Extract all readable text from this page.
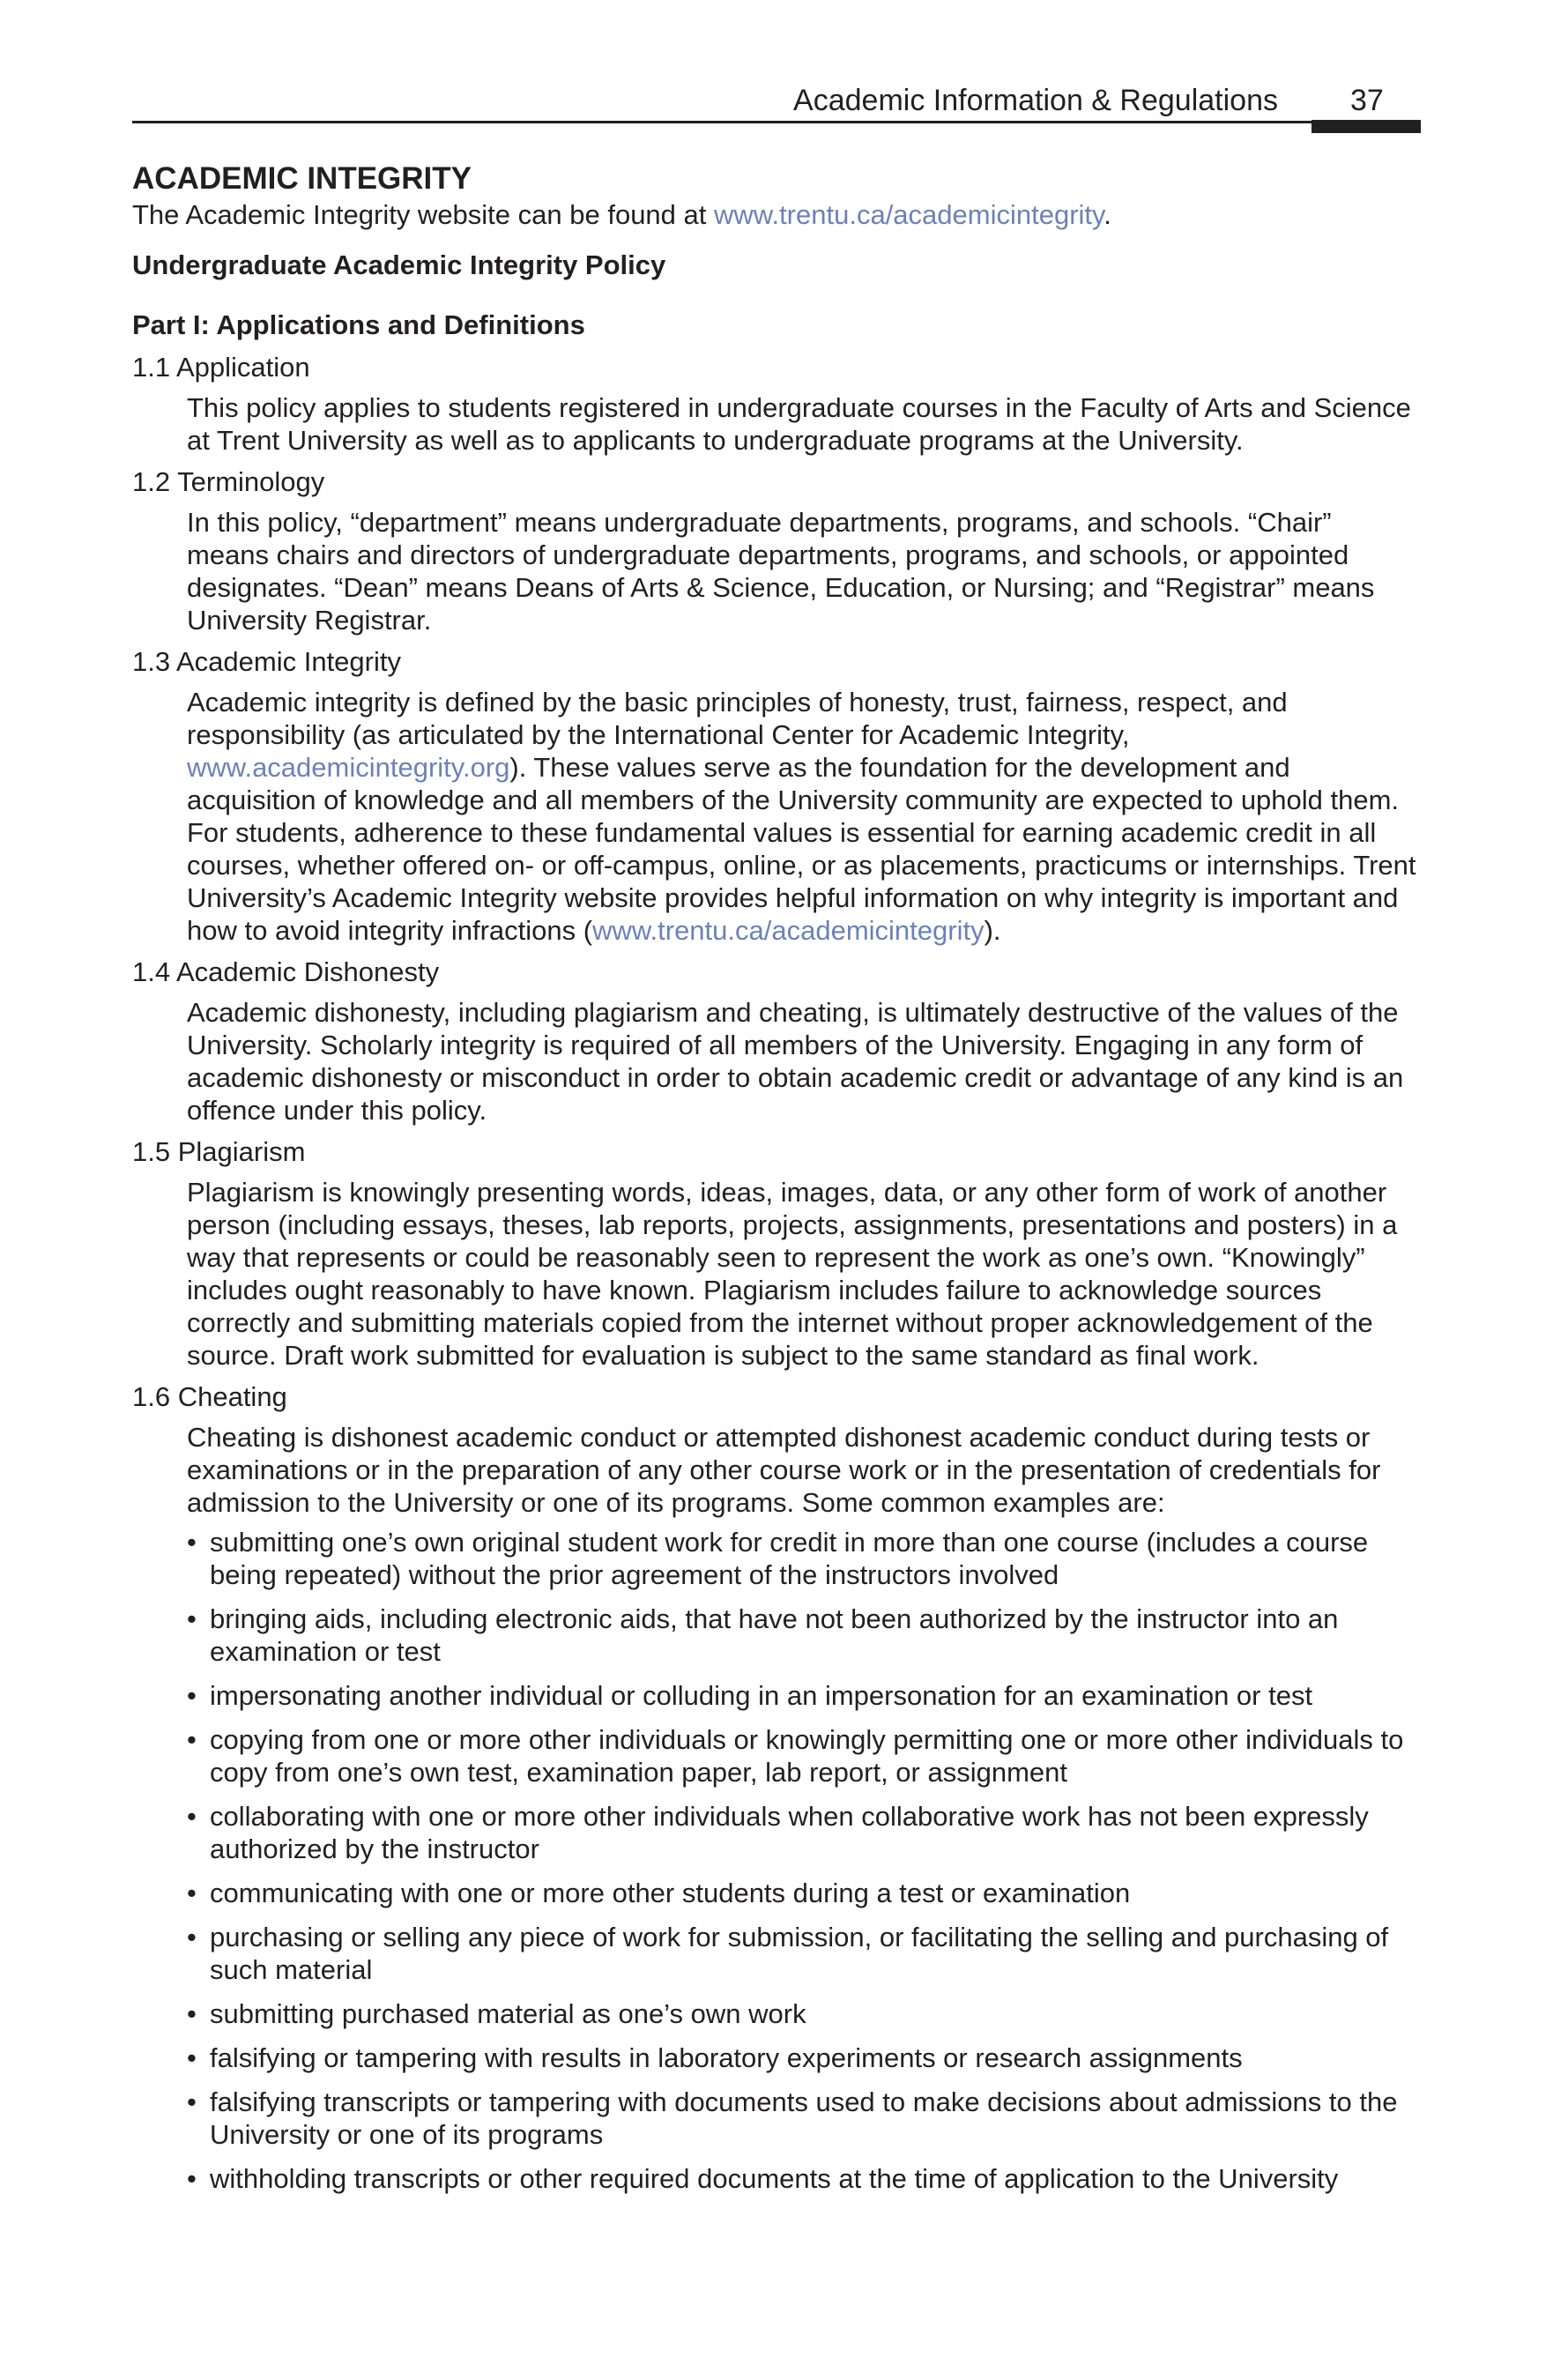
Academic Information & Regulations 37
ACADEMIC INTEGRITY

The Academic Integrity website can be found at www.trentu.ca/academicintegrity.

Undergraduate Academic Integrity Policy
Part I: Applications and Definitions
1.1 Application
This policy applies to students registered in undergraduate courses in the Faculty of Arts and Science at Trent University as well as to applicants to undergraduate programs at the University.
1.2 Terminology
In this policy, “department” means undergraduate departments, programs, and schools. “Chair” means chairs and directors of undergraduate departments, programs, and schools, or appointed designates. “Dean” means Deans of Arts & Science, Education, or Nursing; and “Registrar” means University Registrar.
1.3 Academic Integrity
Academic integrity is defined by the basic principles of honesty, trust, fairness, respect, and responsibility (as articulated by the International Center for Academic Integrity, www.academicintegrity.org). These values serve as the foundation for the development and acquisition of knowledge and all members of the University community are expected to uphold them. For students, adherence to these fundamental values is essential for earning academic credit in all courses, whether offered on- or off-campus, online, or as placements, practicums or internships. Trent University’s Academic Integrity website provides helpful information on why integrity is important and how to avoid integrity infractions (www.trentu.ca/academicintegrity).
1.4 Academic Dishonesty
Academic dishonesty, including plagiarism and cheating, is ultimately destructive of the values of the University. Scholarly integrity is required of all members of the University. Engaging in any form of academic dishonesty or misconduct in order to obtain academic credit or advantage of any kind is an offence under this policy.
1.5 Plagiarism
Plagiarism is knowingly presenting words, ideas, images, data, or any other form of work of another person (including essays, theses, lab reports, projects, assignments, presentations and posters) in a way that represents or could be reasonably seen to represent the work as one’s own. “Knowingly” includes ought reasonably to have known. Plagiarism includes failure to acknowledge sources correctly and submitting materials copied from the internet without proper acknowledgement of the source. Draft work submitted for evaluation is subject to the same standard as final work.
1.6 Cheating
Cheating is dishonest academic conduct or attempted dishonest academic conduct during tests or examinations or in the preparation of any other course work or in the presentation of credentials for admission to the University or one of its programs. Some common examples are:
• submitting one’s own original student work for credit in more than one course (includes a course being repeated) without the prior agreement of the instructors involved
• bringing aids, including electronic aids, that have not been authorized by the instructor into an examination or test
• impersonating another individual or colluding in an impersonation for an examination or test
• copying from one or more other individuals or knowingly permitting one or more other individuals to copy from one’s own test, examination paper, lab report, or assignment
• collaborating with one or more other individuals when collaborative work has not been expressly authorized by the instructor
• communicating with one or more other students during a test or examination
• purchasing or selling any piece of work for submission, or facilitating the selling and purchasing of such material
• submitting purchased material as one’s own work
• falsifying or tampering with results in laboratory experiments or research assignments
• falsifying transcripts or tampering with documents used to make decisions about admissions to the University or one of its programs
• withholding transcripts or other required documents at the time of application to the University
